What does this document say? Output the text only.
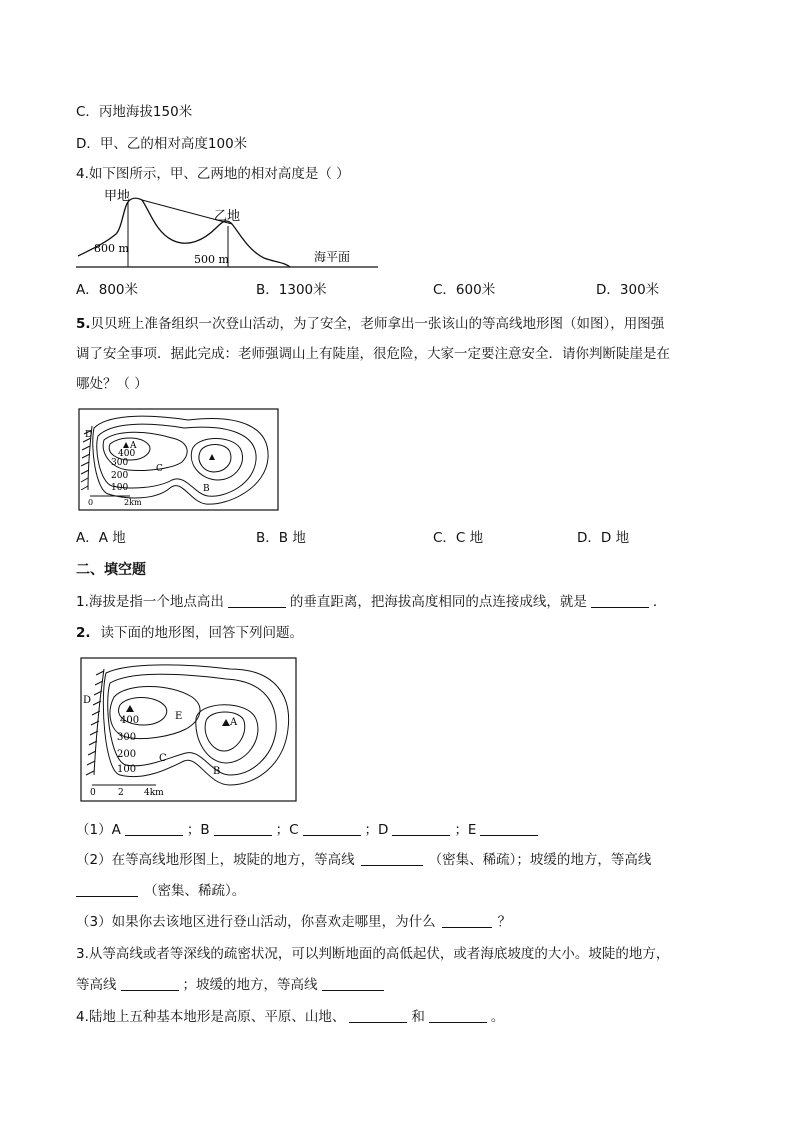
C．丙地海拔150米
D．甲、乙的相对高度100米
4.如下图所示，甲、乙两地的相对高度是（ ）
甲地
乙地
800 m
500 m	海平面
A．800米	B．1300米	C．600米	D．300米
5.贝贝班上准备组织一次登山活动，为了安全，老师拿出一张该山的等高线地形图（如图），用图强
调了安全事项．据此完成：老师强调山上有陡崖，很危险，大家一定要注意安全．请你判断陡崖是在
哪处？（ ）
A
B
C
D
400
300
200
100
0	2km
A．A 地	B．B 地	C．C 地	D．D 地
二、填空题
1.海拔是指一个地点高出	的垂直距离，把海拔高度相同的点连接成线，就是	．
2. 读下面的地形图，回答下列问题。
A
B
C
D
E
400
300
200
100
0 2 4km
（1）A	；B	；C	；D	；E
（2）在等高线地形图上，坡陡的地方，等高线	（密集、稀疏）；坡缓的地方，等高线
（密集、稀疏）。
（3）如果你去该地区进行登山活动，你喜欢走哪里，为什么	？
3.从等高线或者等深线的疏密状况，可以判断地面的高低起伏，或者海底坡度的大小。坡陡的地方，
等高线	；坡缓的地方，等高线
4.陆地上五种基本地形是高原、平原、山地、	和	。
